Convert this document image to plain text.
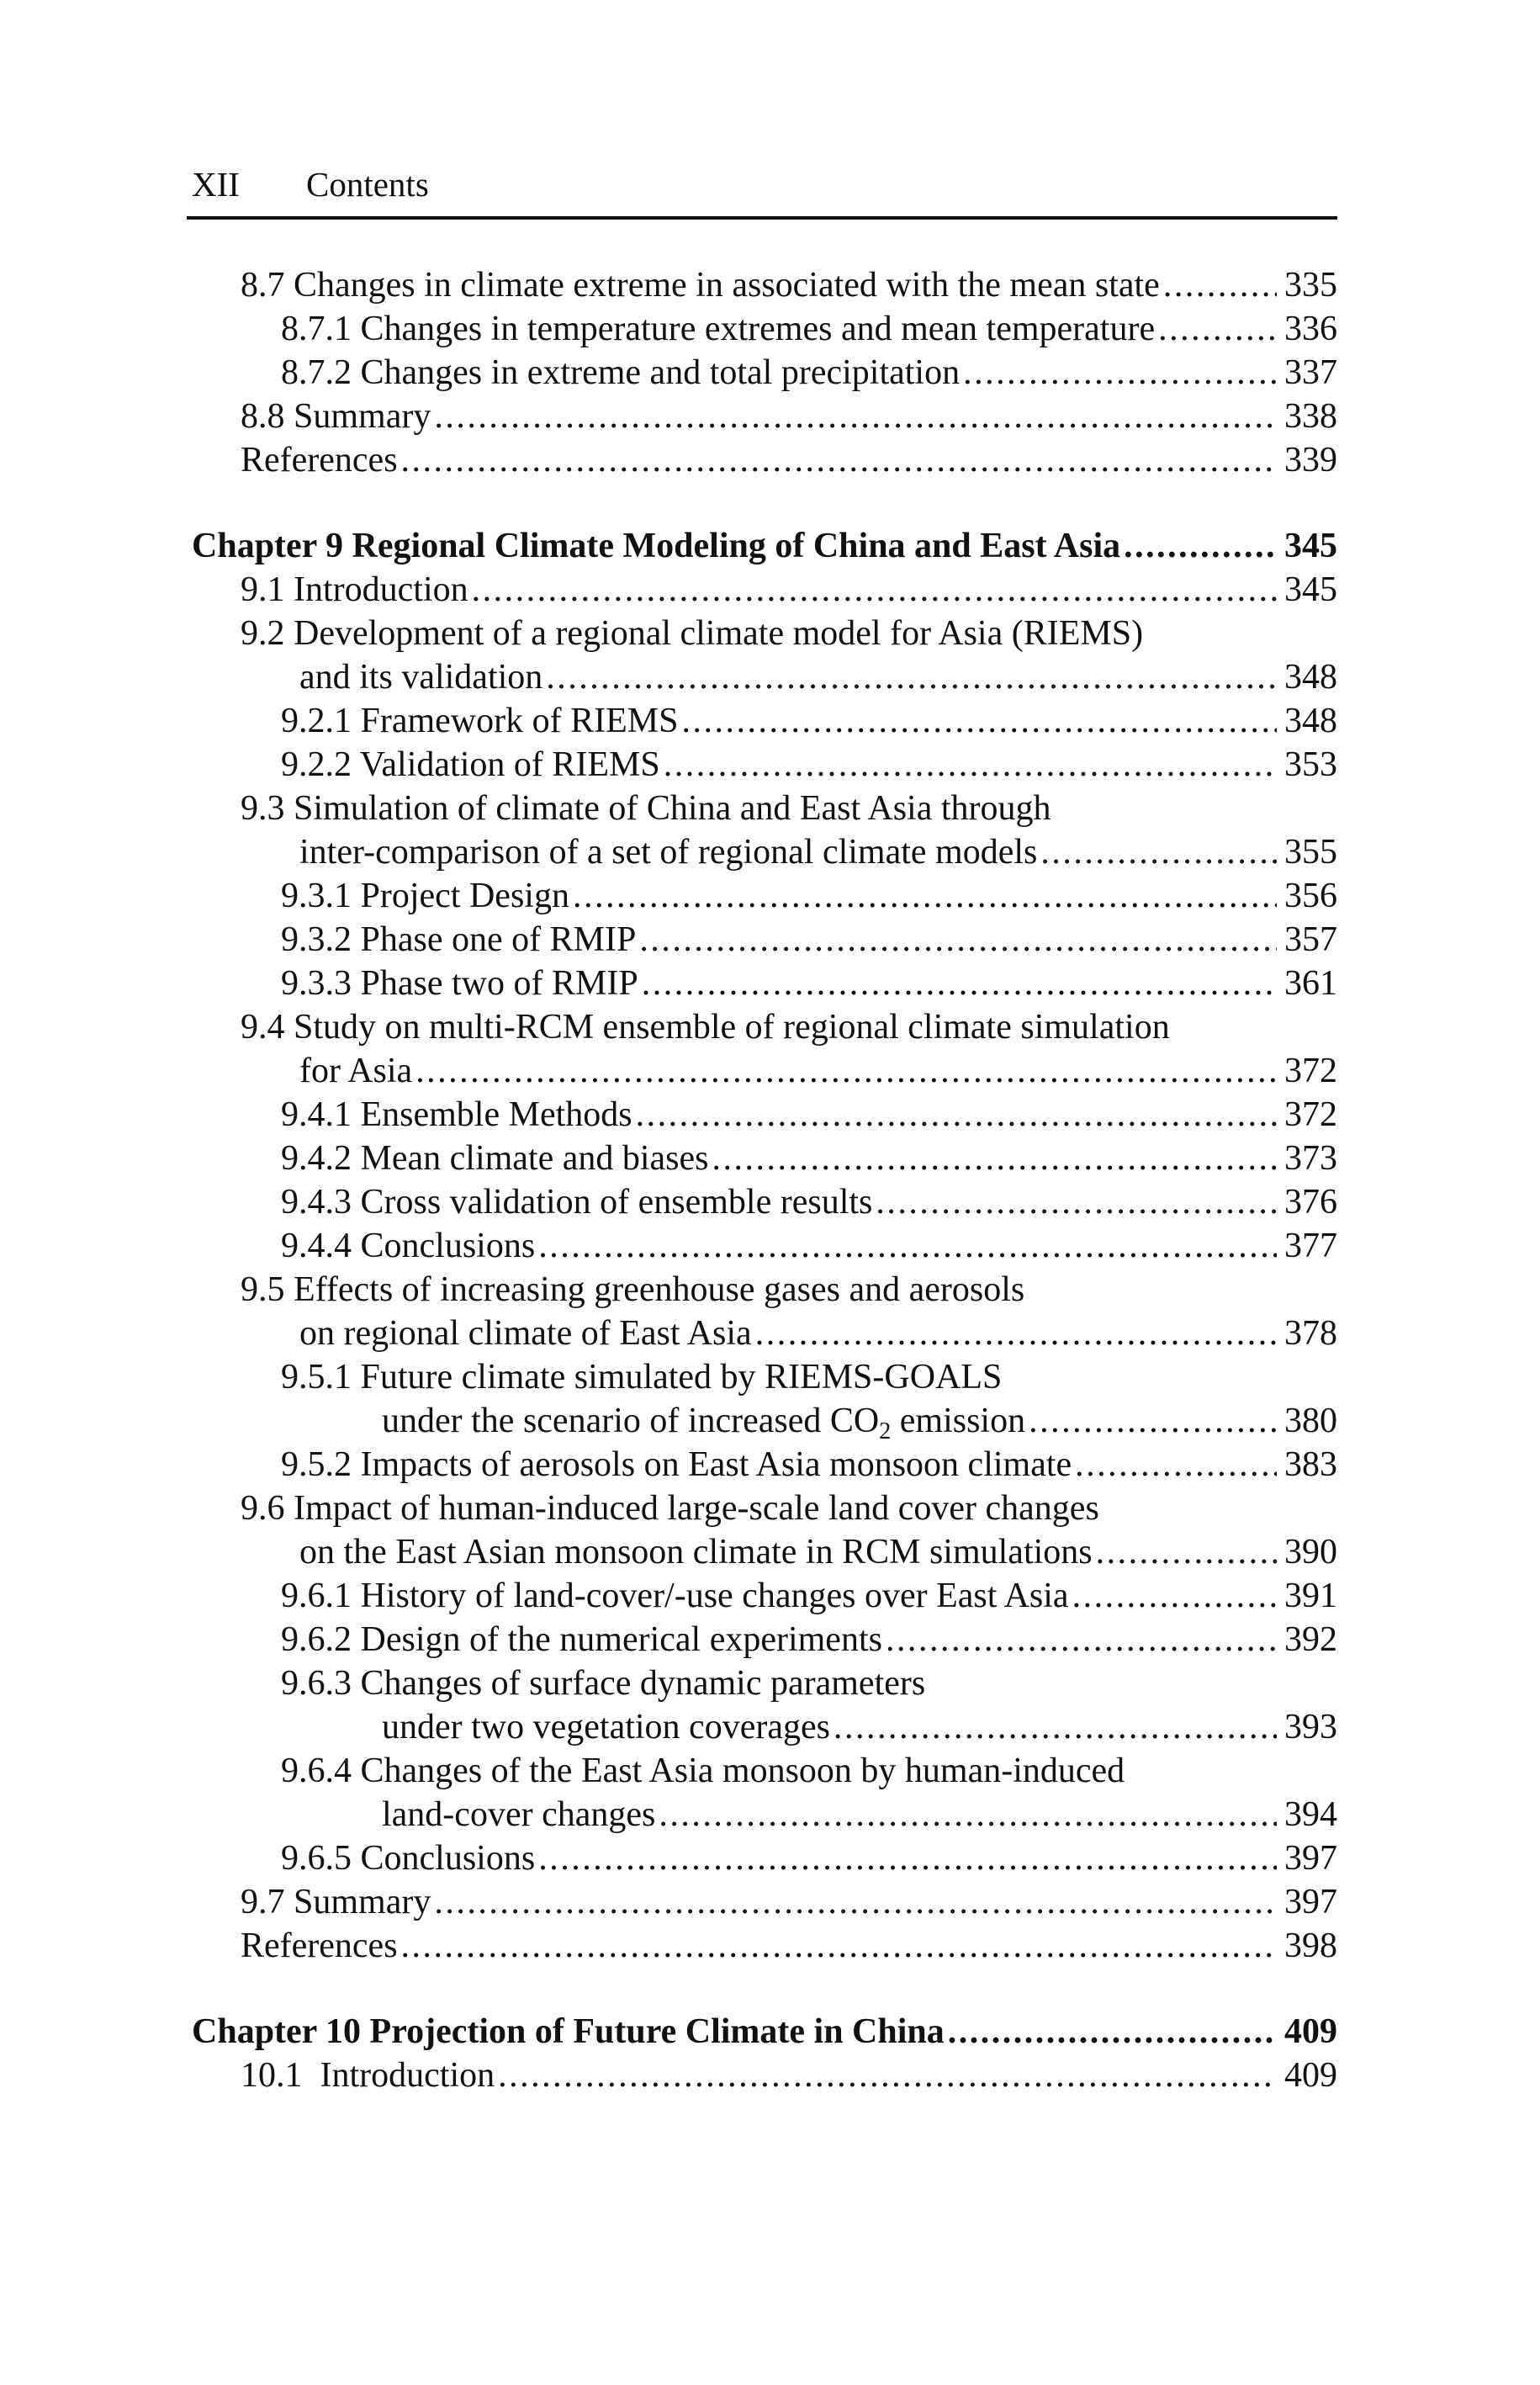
XII Contents
8.7 Changes in climate extreme in associated with the mean state . . .	335
8.7.1 Changes in temperature extremes and mean temperature . . .	336
8.7.2 Changes in extreme and total precipitation . . .	337
8.8 Summary . . .	338
References . . .	339
Chapter 9 Regional Climate Modeling of China and East Asia . . .	345
9.1 Introduction . . .	345
9.2 Development of a regional climate model for Asia (RIEMS)
and its validation . . .	348
9.2.1 Framework of RIEMS . . .	348
9.2.2 Validation of RIEMS . . .	353
9.3 Simulation of climate of China and East Asia through
inter-comparison of a set of regional climate models . . .	355
9.3.1 Project Design . . .	356
9.3.2 Phase one of RMIP . . .	357
9.3.3 Phase two of RMIP . . .	361
9.4 Study on multi-RCM ensemble of regional climate simulation
for Asia . . .	372
9.4.1 Ensemble Methods . . .	372
9.4.2 Mean climate and biases . . .	373
9.4.3 Cross validation of ensemble results . . .	376
9.4.4 Conclusions . . .	377
9.5 Effects of increasing greenhouse gases and aerosols
on regional climate of East Asia . . .	378
9.5.1 Future climate simulated by RIEMS-GOALS
under the scenario of increased $CO_2$ emission . . .	380
9.5.2 Impacts of aerosols on East Asia monsoon climate . . .	383
9.6 Impact of human-induced large-scale land cover changes
on the East Asian monsoon climate in RCM simulations . . .	390
9.6.1 History of land-cover/-use changes over East Asia . . .	391
9.6.2 Design of the numerical experiments . . .	392
9.6.3 Changes of surface dynamic parameters
under two vegetation coverages . . .	393
9.6.4 Changes of the East Asia monsoon by human-induced
land-cover changes . . .	394
9.6.5 Conclusions . . .	397
9.7 Summary . . .	397
References . . .	398
Chapter 10 Projection of Future Climate in China . . .	409
10.1  Introduction . . .	409
